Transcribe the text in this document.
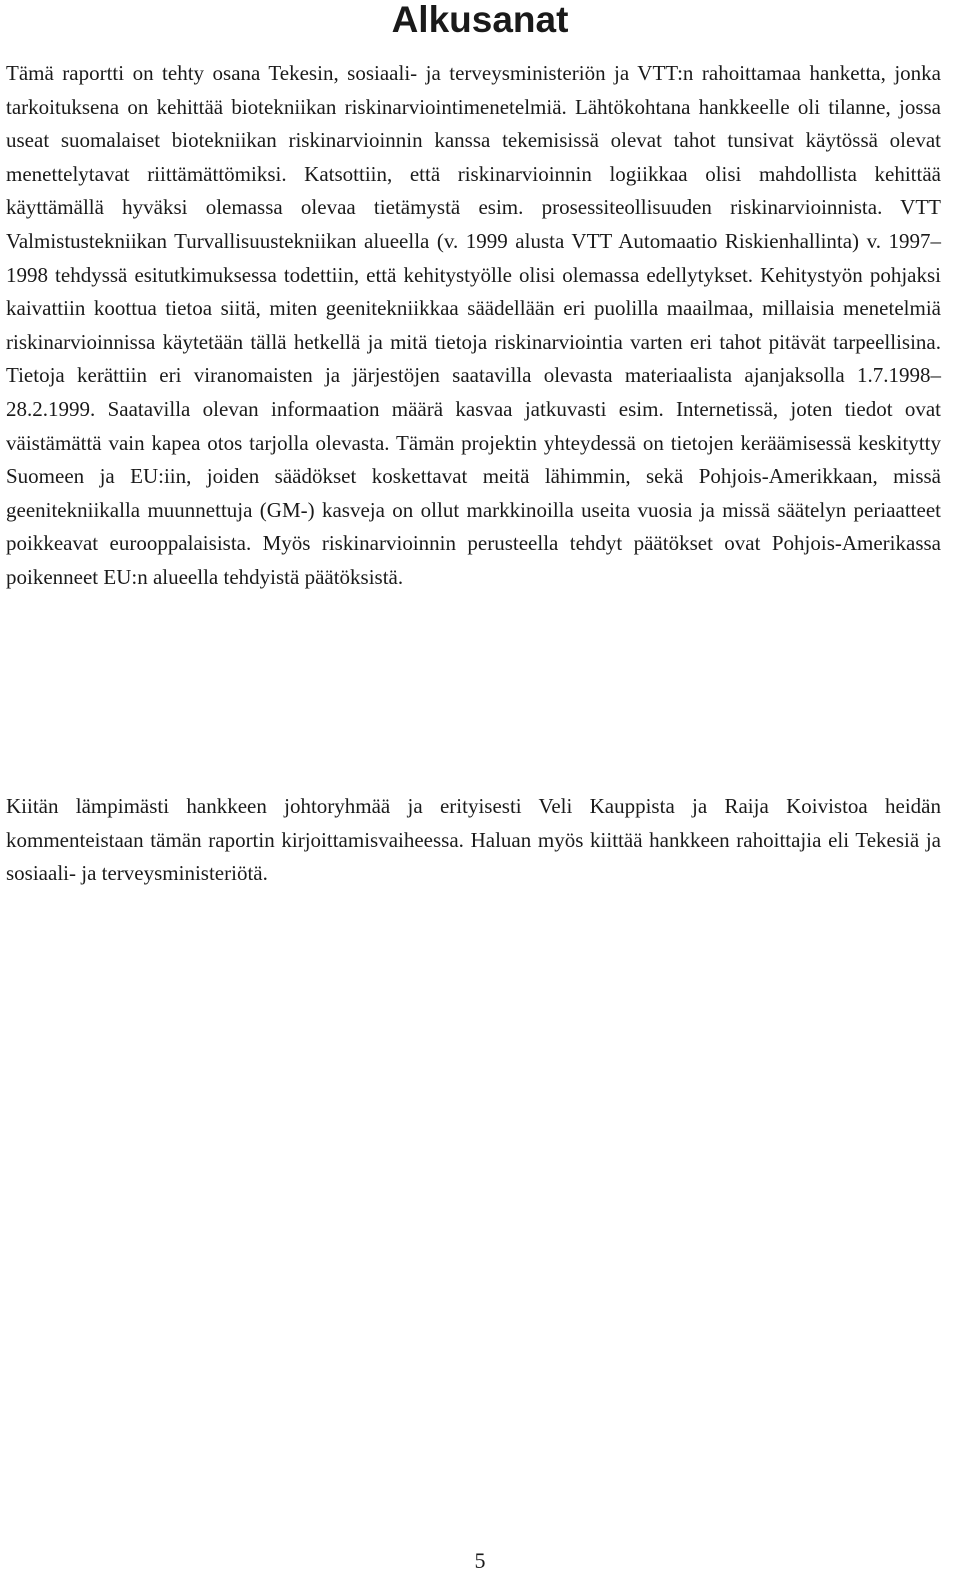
Alkusanat

Tämä raportti on tehty osana Tekesin, sosiaali- ja terveysministeriön ja VTT:n rahoittamaa hanketta, jonka tarkoituksena on kehittää biotekniikan riskinarviointimenetelmiä. Lähtökohtana hankkeelle oli tilanne, jossa useat suomalaiset biotekniikan riskinarvioinnin kanssa tekemisissä olevat tahot tunsivat käytössä olevat menettelytavat riittämättömiksi. Katsottiin, että riskinarvioinnin logiikkaa olisi mahdollista kehittää käyttämällä hyväksi olemassa olevaa tietämystä esim. prosessiteollisuuden riskinarvioinnista. VTT Valmistustekniikan Turvallisuustekniikan alueella (v. 1999 alusta VTT Automaatio Riskienhallinta) v. 1997–1998 tehdyssä esitutkimuksessa todettiin, että kehitystyölle olisi olemassa edellytykset. Kehitystyön pohjaksi kaivattiin koottua tietoa siitä, miten geenitekniikkaa säädellään eri puolilla maailmaa, millaisia menetelmiä riskinarvioinnissa käytetään tällä hetkellä ja mitä tietoja riskinarviointia varten eri tahot pitävät tarpeellisina. Tietoja kerättiin eri viranomaisten ja järjestöjen saatavilla olevasta materiaalista ajanjaksolla 1.7.1998–28.2.1999. Saatavilla olevan informaation määrä kasvaa jatkuvasti esim. Internetissä, joten tiedot ovat väistämättä vain kapea otos tarjolla olevasta. Tämän projektin yhteydessä on tietojen keräämisessä keskitytty Suomeen ja EU:iin, joiden säädökset koskettavat meitä lähimmin, sekä Pohjois-Amerikkaan, missä geenitekniikalla muunnettuja (GM-) kasveja on ollut markkinoilla useita vuosia ja missä säätelyn periaatteet poikkeavat eurooppalaisista. Myös riskinarvioinnin perusteella tehdyt päätökset ovat Pohjois-Amerikassa poikenneet EU:n alueella tehdyistä päätöksistä.

Kiitän lämpimästi hankkeen johtoryhmää ja erityisesti Veli Kauppista ja Raija Koivistoa heidän kommenteistaan tämän raportin kirjoittamisvaiheessa. Haluan myös kiittää hankkeen rahoittajia eli Tekesiä ja sosiaali- ja terveysministeriötä.

5
